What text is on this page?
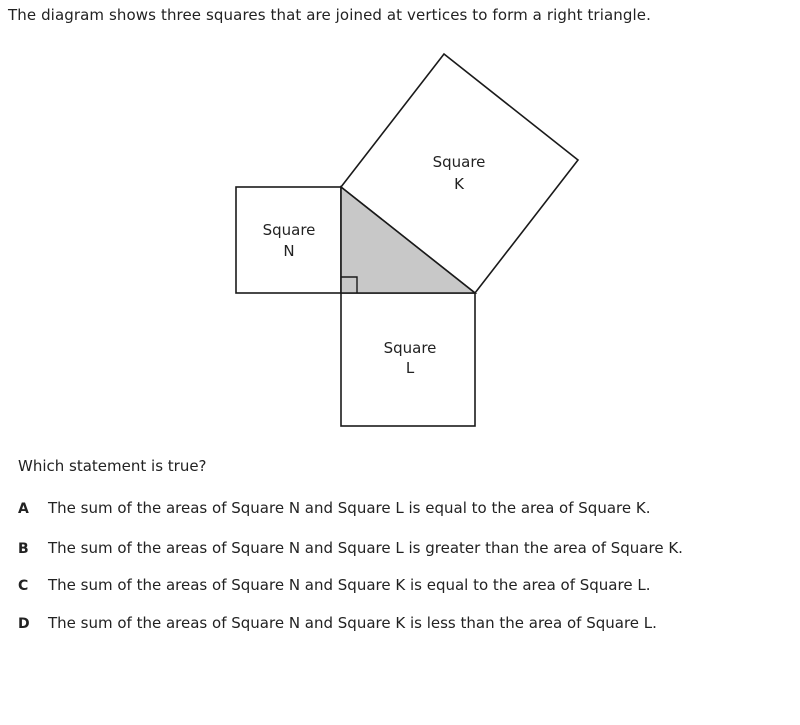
The diagram shows three squares that are joined at vertices to form a right triangle.
Square
K
Square
N
Square
L
Which statement is true?
A The sum of the areas of Square N and Square L is equal to the area of Square K.
B The sum of the areas of Square N and Square L is greater than the area of Square K.
C The sum of the areas of Square N and Square K is equal to the area of Square L.
D The sum of the areas of Square N and Square K is less than the area of Square L.
